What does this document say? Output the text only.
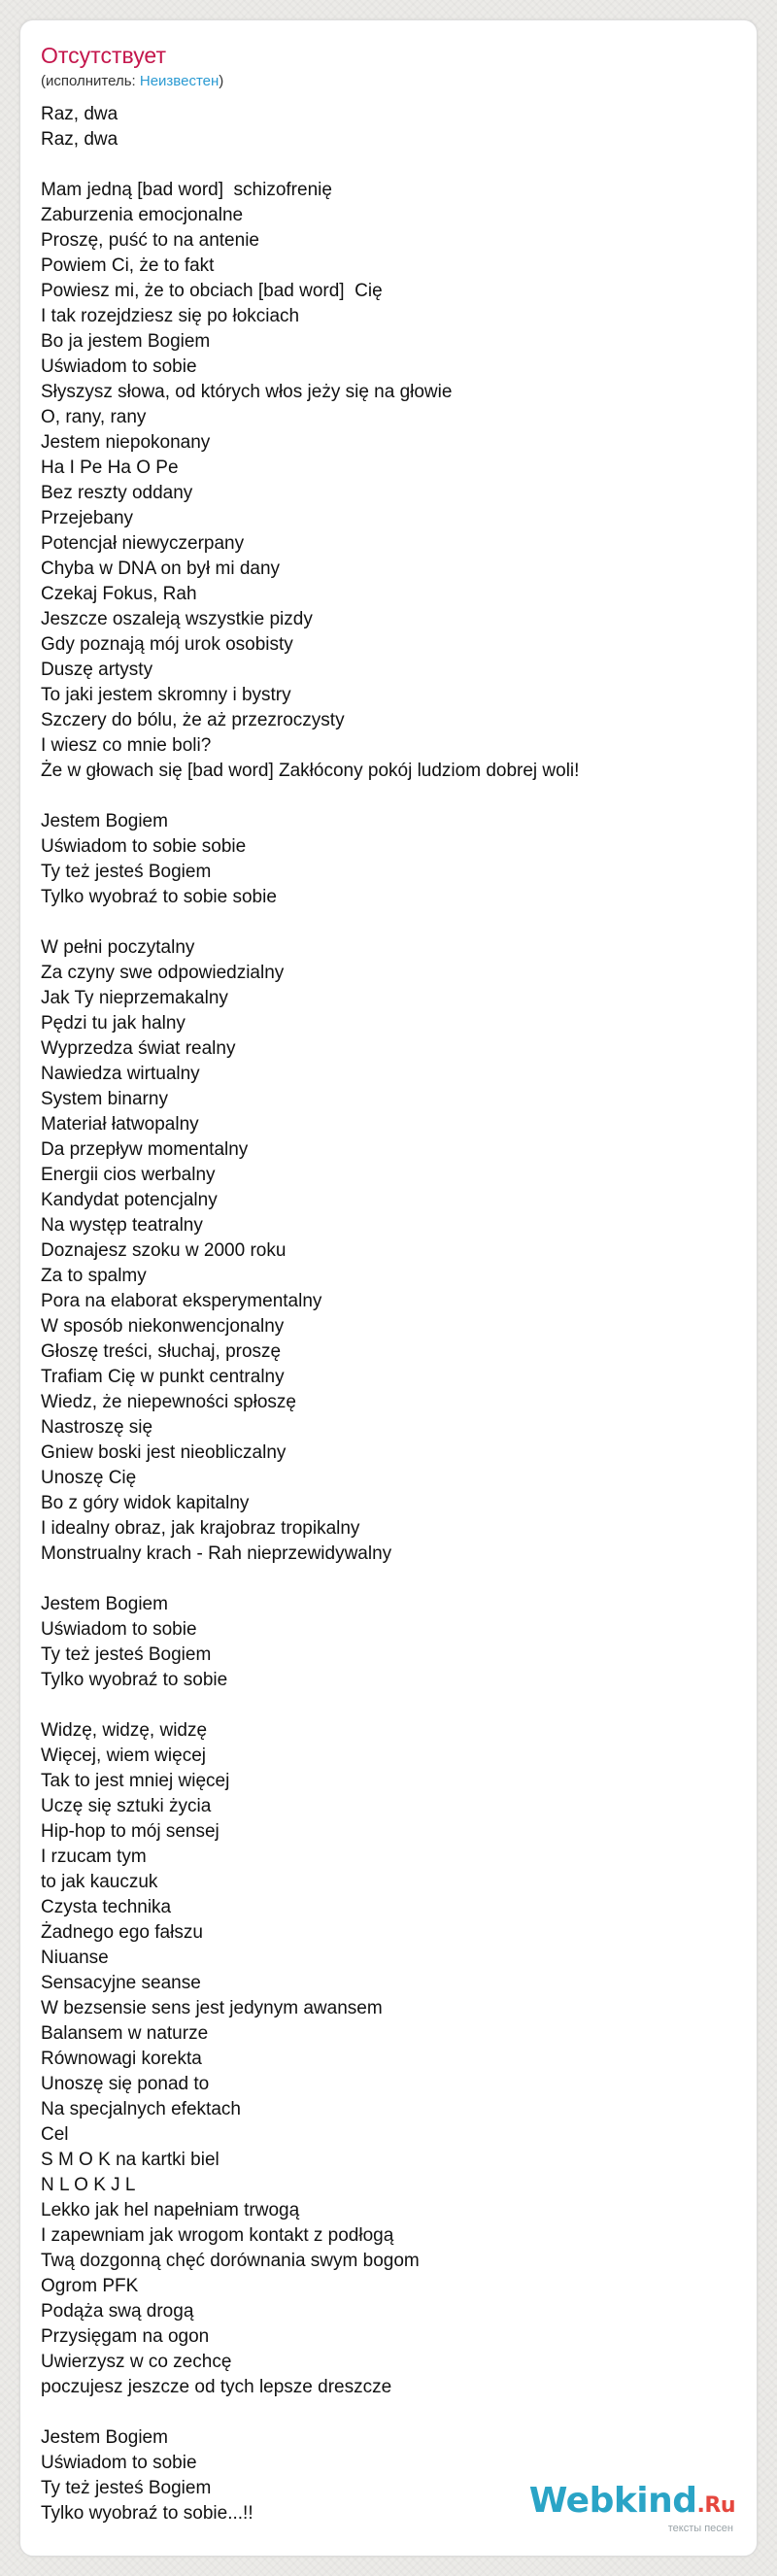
Отсутствует
(исполнитель: Неизвестен)
Raz, dwa
Raz, dwa

Mam jedną [bad word]  schizofrenię
Zaburzenia emocjonalne
Proszę, puść to na antenie
Powiem Ci, że to fakt
Powiesz mi, że to obciach [bad word]  Cię
I tak rozejdziesz się po łokciach
Bo ja jestem Bogiem
Uświadom to sobie
Słyszysz słowa, od których włos jeży się na głowie
O, rany, rany
Jestem niepokonany
Ha I Pe Ha O Pe
Bez reszty oddany
Przejebany
Potencjał niewyczerpany
Chyba w DNA on był mi dany
Czekaj Fokus, Rah
Jeszcze oszaleją wszystkie pizdy
Gdy poznają mój urok osobisty
Duszę artysty
To jaki jestem skromny i bystry
Szczery do bólu, że aż przezroczysty
I wiesz co mnie boli?
Że w głowach się [bad word] Zakłócony pokój ludziom dobrej woli!

Jestem Bogiem
Uświadom to sobie sobie
Ty też jesteś Bogiem
Tylko wyobraź to sobie sobie

W pełni poczytalny
Za czyny swe odpowiedzialny
Jak Ty nieprzemakalny
Pędzi tu jak halny
Wyprzedza świat realny
Nawiedza wirtualny
System binarny
Materiał łatwopalny
Da przepływ momentalny
Energii cios werbalny
Kandydat potencjalny
Na występ teatralny
Doznajesz szoku w 2000 roku
Za to spalmy
Pora na elaborat eksperymentalny
W sposób niekonwencjonalny
Głoszę treści, słuchaj, proszę
Trafiam Cię w punkt centralny
Wiedz, że niepewności spłoszę
Nastroszę się
Gniew boski jest nieobliczalny
Unoszę Cię
Bo z góry widok kapitalny
I idealny obraz, jak krajobraz tropikalny
Monstrualny krach - Rah nieprzewidywalny

Jestem Bogiem
Uświadom to sobie
Ty też jesteś Bogiem
Tylko wyobraź to sobie

Widzę, widzę, widzę
Więcej, wiem więcej
Tak to jest mniej więcej
Uczę się sztuki życia
Hip-hop to mój sensej
I rzucam tym
to jak kauczuk
Czysta technika
Żadnego ego fałszu
Niuanse
Sensacyjne seanse
W bezsensie sens jest jedynym awansem
Balansem w naturze
Równowagi korekta
Unoszę się ponad to
Na specjalnych efektach
Cel
S M O K na kartki biel
N L O K J L
Lekko jak hel napełniam trwogą
I zapewniam jak wrogom kontakt z podłogą
Twą dozgonną chęć dorównania swym bogom
Ogrom PFK
Podąża swą drogą
Przysięgam na ogon
Uwierzysz w co zechcę
poczujesz jeszcze od tych lepsze dreszcze

Jestem Bogiem
Uświadom to sobie
Ty też jesteś Bogiem
Tylko wyobraź to sobie...!!	Webkind.Ru
тексты песен
